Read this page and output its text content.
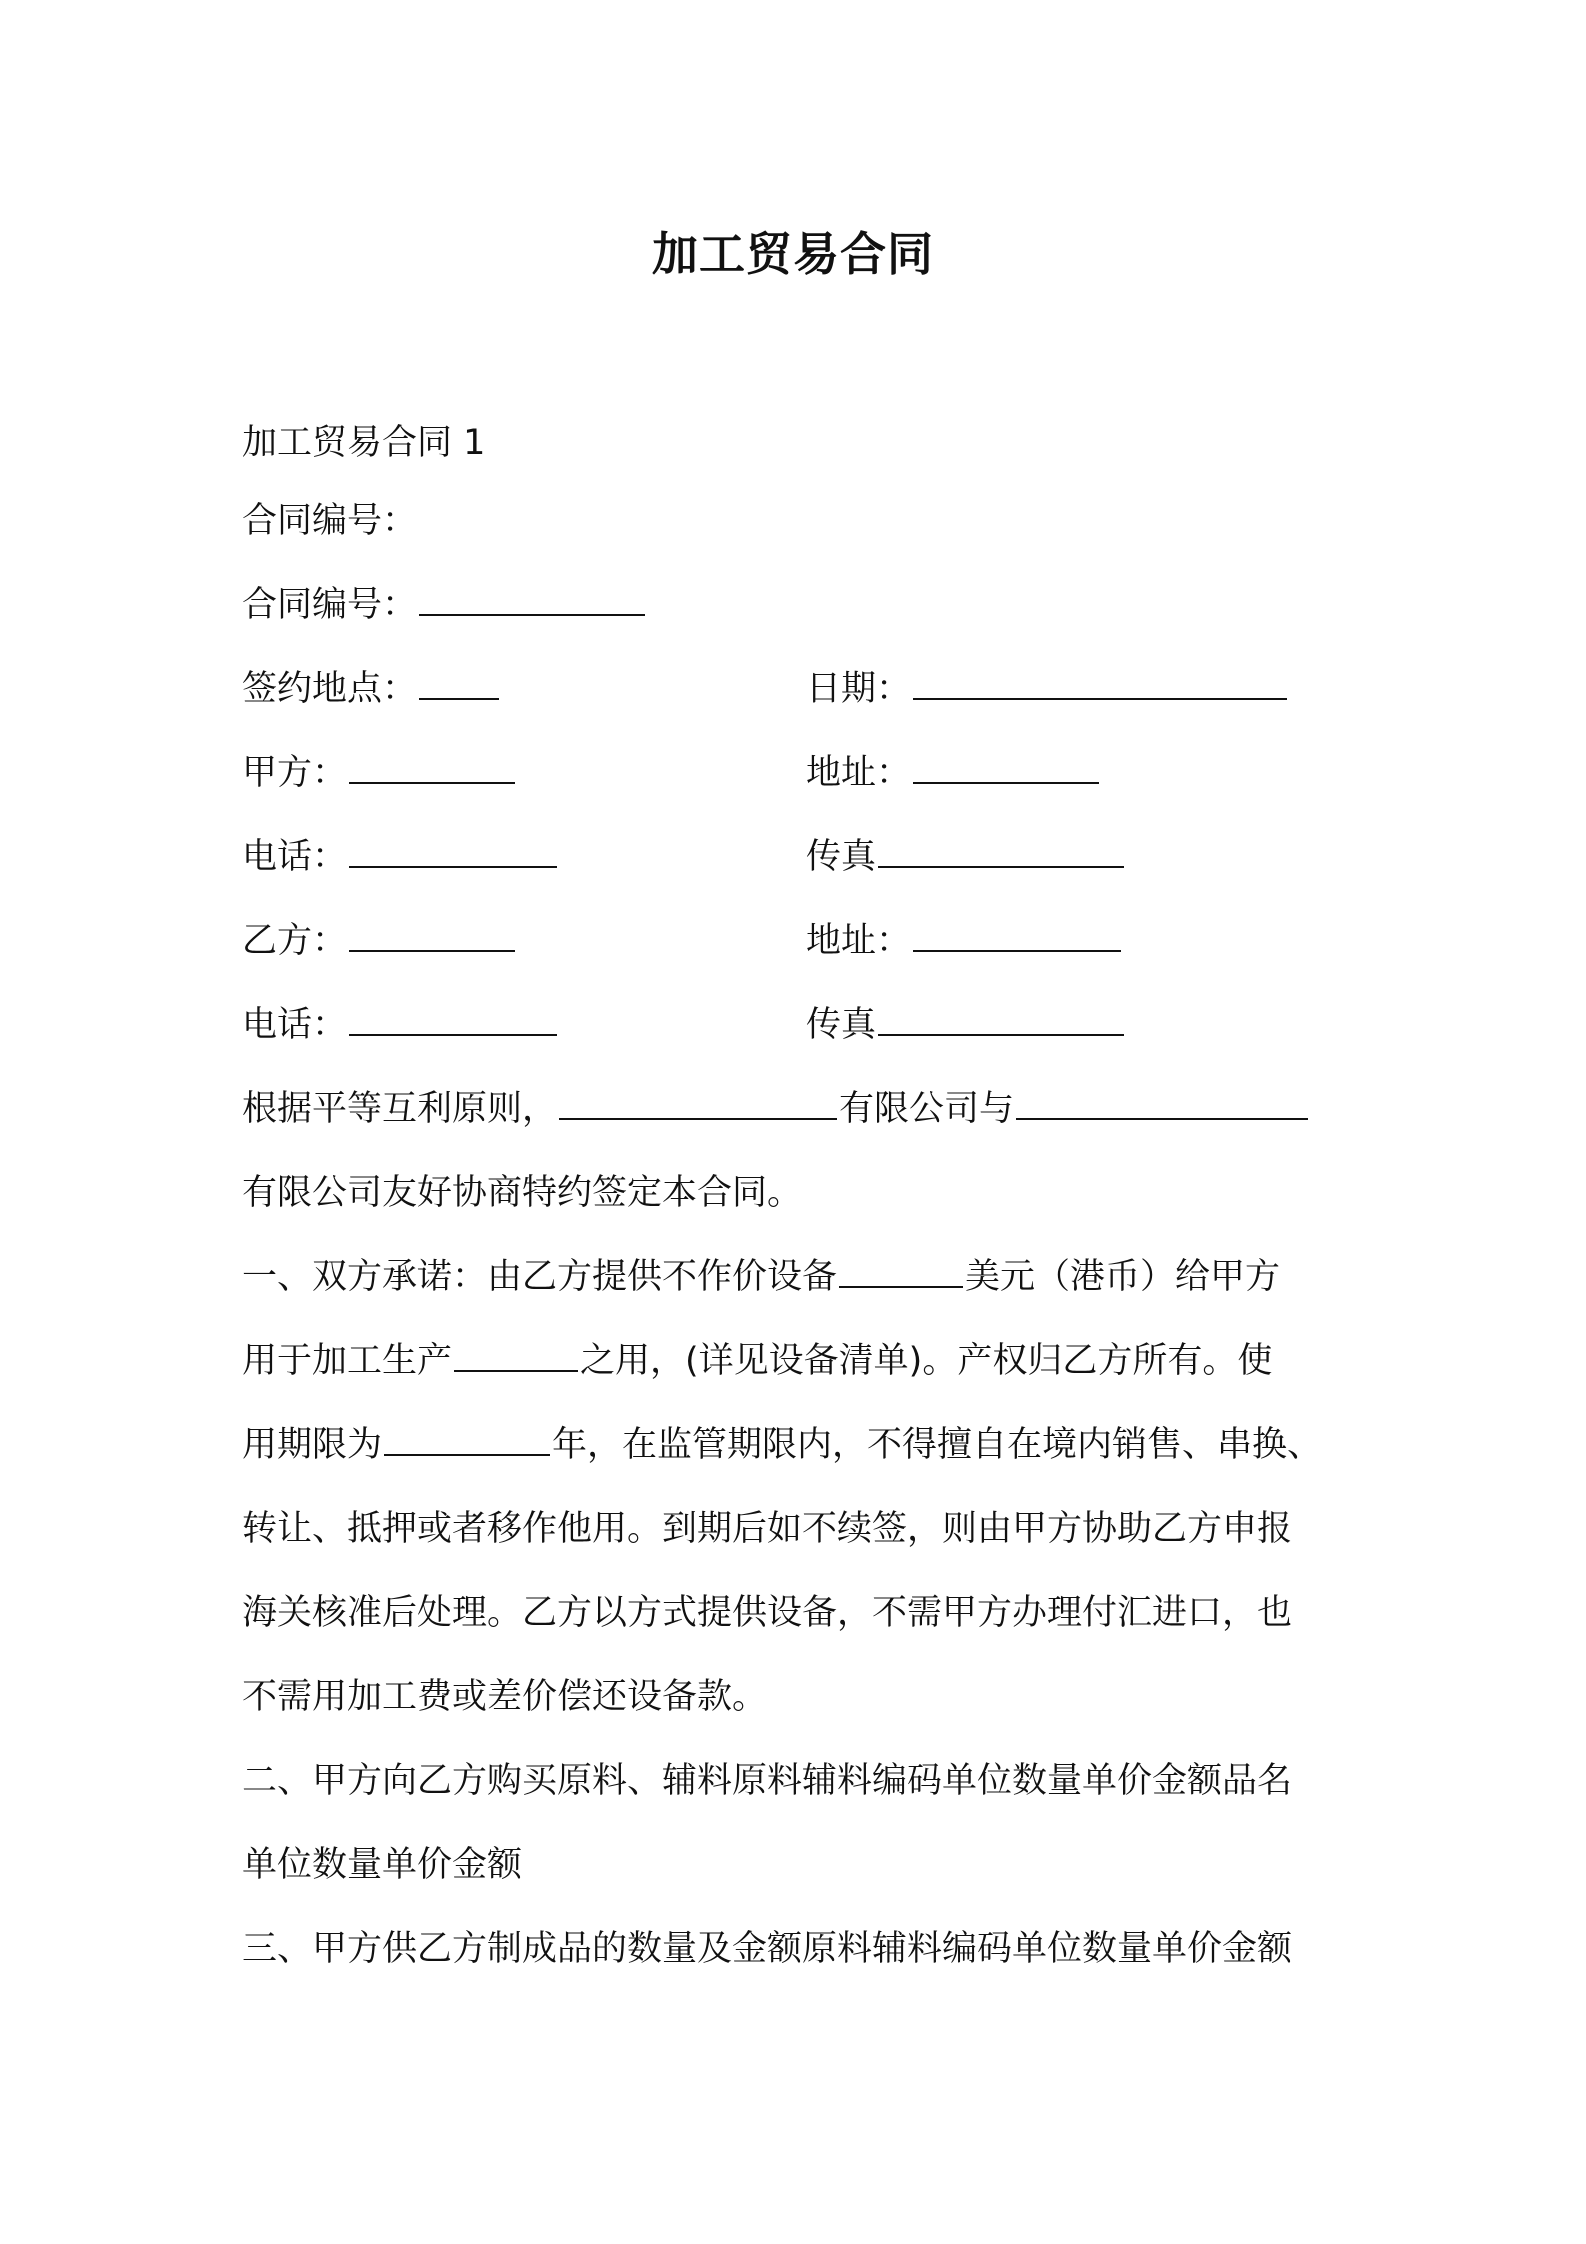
加工贸易合同
加工贸易合同 1
合同编号：
合同编号：
签约地点：	日期：
甲方：	地址：
电话：	传真
乙方：	地址：
电话：	传真
根据平等互利原则，	有限公司与
有限公司友好协商特约签定本合同。
一、双方承诺：由乙方提供不作价设备	美元（港币）给甲方
用于加工生产	之用，(详见设备清单)。产权归乙方所有。使
用期限为	年，在监管期限内，不得擅自在境内销售、串换、
转让、抵押或者移作他用。到期后如不续签，则由甲方协助乙方申报
海关核准后处理。乙方以方式提供设备，不需甲方办理付汇进口，也
不需用加工费或差价偿还设备款。
二、甲方向乙方购买原料、辅料原料辅料编码单位数量单价金额品名
单位数量单价金额
三、甲方供乙方制成品的数量及金额原料辅料编码单位数量单价金额
